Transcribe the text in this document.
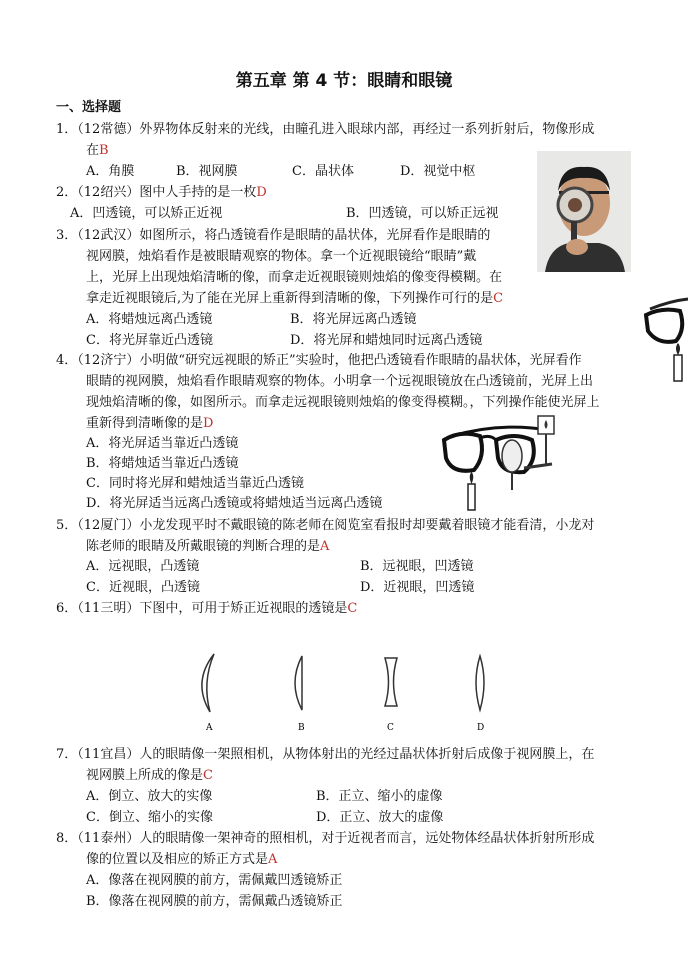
第五章 第 4 节：眼睛和眼镜
一、选择题
1．（12常德）外界物体反射来的光线，由瞳孔进入眼球内部，再经过一系列折射后，物像形成
在B
A．角膜	B．视网膜	C．晶状体	D．视觉中枢
2．（12绍兴）图中人手持的是一枚D
A．凹透镜，可以矫正近视	B．凹透镜，可以矫正远视
3．（12武汉）如图所示，将凸透镜看作是眼睛的晶状体，光屏看作是眼睛的
视网膜，烛焰看作是被眼睛观察的物体。拿一个近视眼镜给“眼睛”戴
上，光屏上出现烛焰清晰的像，而拿走近视眼镜则烛焰的像变得模糊。在
拿走近视眼镜后,为了能在光屏上重新得到清晰的像，下列操作可行的是C
A．将蜡烛远离凸透镜	B．将光屏远离凸透镜
C．将光屏靠近凸透镜	D．将光屏和蜡烛同时远离凸透镜
4．（12济宁）小明做“研究远视眼的矫正”实验时，他把凸透镜看作眼睛的晶状体，光屏看作
眼睛的视网膜，烛焰看作眼睛观察的物体。小明拿一个远视眼镜放在凸透镜前，光屏上出
现烛焰清晰的像，如图所示。而拿走远视眼镜则烛焰的像变得模糊。，下列操作能使光屏上
重新得到清晰像的是D
A．将光屏适当靠近凸透镜
B．将蜡烛适当靠近凸透镜
C．同时将光屏和蜡烛适当靠近凸透镜
D．将光屏适当远离凸透镜或将蜡烛适当远离凸透镜
5．（12厦门）小龙发现平时不戴眼镜的陈老师在阅览室看报时却要戴着眼镜才能看清，小龙对
陈老师的眼睛及所戴眼镜的判断合理的是A
A．远视眼，凸透镜	B．远视眼，凹透镜
C．近视眼，凸透镜	D．近视眼，凹透镜
6．（11三明）下图中，可用于矫正近视眼的透镜是C
A	B	C	D
7．（11宜昌）人的眼睛像一架照相机，从物体射出的光经过晶状体折射后成像于视网膜上，在
视网膜上所成的像是C
A．倒立、放大的实像	B．正立、缩小的虚像
C．倒立、缩小的实像	D．正立、放大的虚像
8．（11泰州）人的眼睛像一架神奇的照相机，对于近视者而言，远处物体经晶状体折射所形成
像的位置以及相应的矫正方式是A
A．像落在视网膜的前方，需佩戴凹透镜矫正
B．像落在视网膜的前方，需佩戴凸透镜矫正
